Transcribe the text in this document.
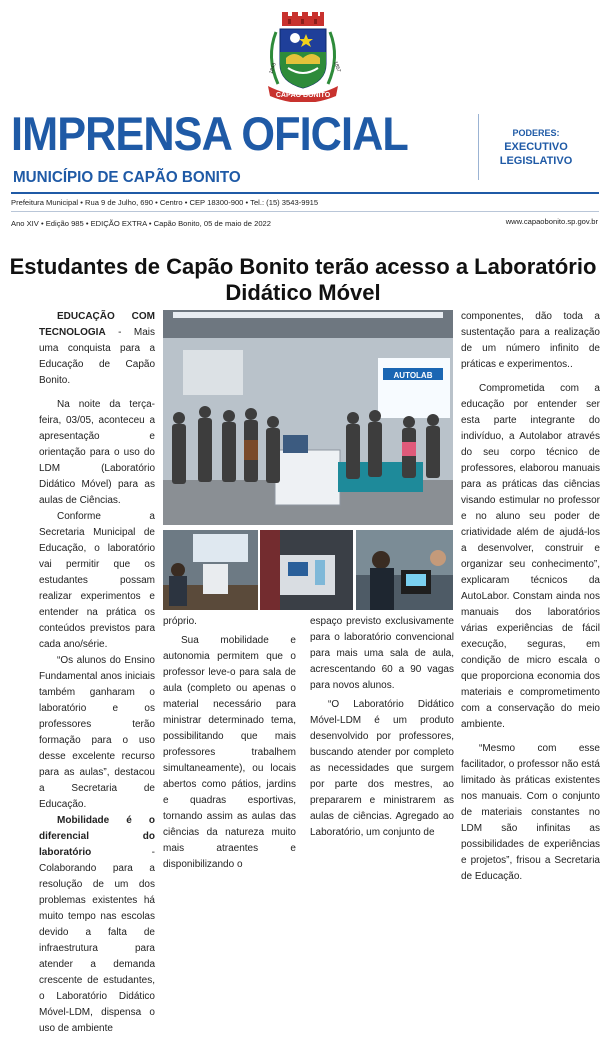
CAPÃO BONITO
1843	1857
IMPRENSA OFICIAL
MUNICÍPIO DE CAPÃO BONITO
PODERES:
EXECUTIVO
LEGISLATIVO
Prefeitura Municipal • Rua 9 de Julho, 690 • Centro • CEP 18300-900 • Tel.: (15) 3543-9915
Ano XIV • Edição 985 • EDIÇÃO EXTRA • Capão Bonito, 05 de maio de 2022	www.capaobonito.sp.gov.br
Estudantes de Capão Bonito terão acesso a Laboratório Didático Móvel

EDUCAÇÃO COM TECNOLOGIA - Mais uma conquista para a Educação de Capão Bonito.

Na noite da terça- feira, 03/05, aconteceu a apresentação e orientação para o uso do LDM (Laboratório Didático Móvel) para as aulas de Ciências.

Conforme a Secretaria Municipal de Educação, o laboratório vai permitir que os estudantes possam realizar experimentos e entender na prática os conteúdos previstos para cada ano/série.

“Os alunos do Ensino Fundamental anos iniciais também ganharam o laboratório e os professores terão formação para o uso desse excelente recurso para as aulas”, destacou a Secretaria de Educação.

Mobilidade é o diferencial do laboratório - Colaborando para a resolução de um dos problemas existentes há muito tempo nas escolas devido a falta de infraestrutura para atender a demanda crescente de estudantes, o Laboratório Didático Móvel-LDM, dispensa o uso de ambiente

AUTOLAB

próprio.

Sua mobilidade e autonomia permitem que o professor leve-o para sala de aula (completo ou apenas o material necessário para ministrar determinado tema, possibilitando que mais professores trabalhem simultaneamente), ou locais abertos como pátios, jardins e quadras esportivas, tornando assim as aulas das ciências da natureza muito mais atraentes e disponibilizando o

espaço previsto exclusivamente para o laboratório convencional para mais uma sala de aula, acrescentando 60 a 90 vagas para novos alunos.

“O Laboratório Didático Móvel-LDM é um produto desenvolvido por professores, buscando atender por completo as necessidades que surgem por parte dos mestres, ao prepararem e ministrarem as aulas de ciências. Agregado ao Laboratório, um conjunto de

componentes, dão toda a sustentação para a realização de um número infinito de práticas e experimentos..

Comprometida com a educação por entender ser esta parte integrante do indivíduo, a Autolabor através do seu corpo técnico de professores, elaborou manuais para as práticas das ciências visando estimular no professor e no aluno seu poder de criatividade além de ajudá-los a desenvolver, construir e organizar seu conhecimento”, explicaram técnicos da AutoLabor. Constam ainda nos manuais dos laboratórios várias experiências de fácil execução, seguras, em condição de micro escala o que proporciona economia dos materiais e comprometimento com a conservação do meio ambiente.

“Mesmo com esse facilitador, o professor não está limitado às práticas existentes nos manuais. Com o conjunto de materiais constantes no LDM são infinitas as possibilidades de experiências e projetos”, frisou a Secretaria de Educação.
